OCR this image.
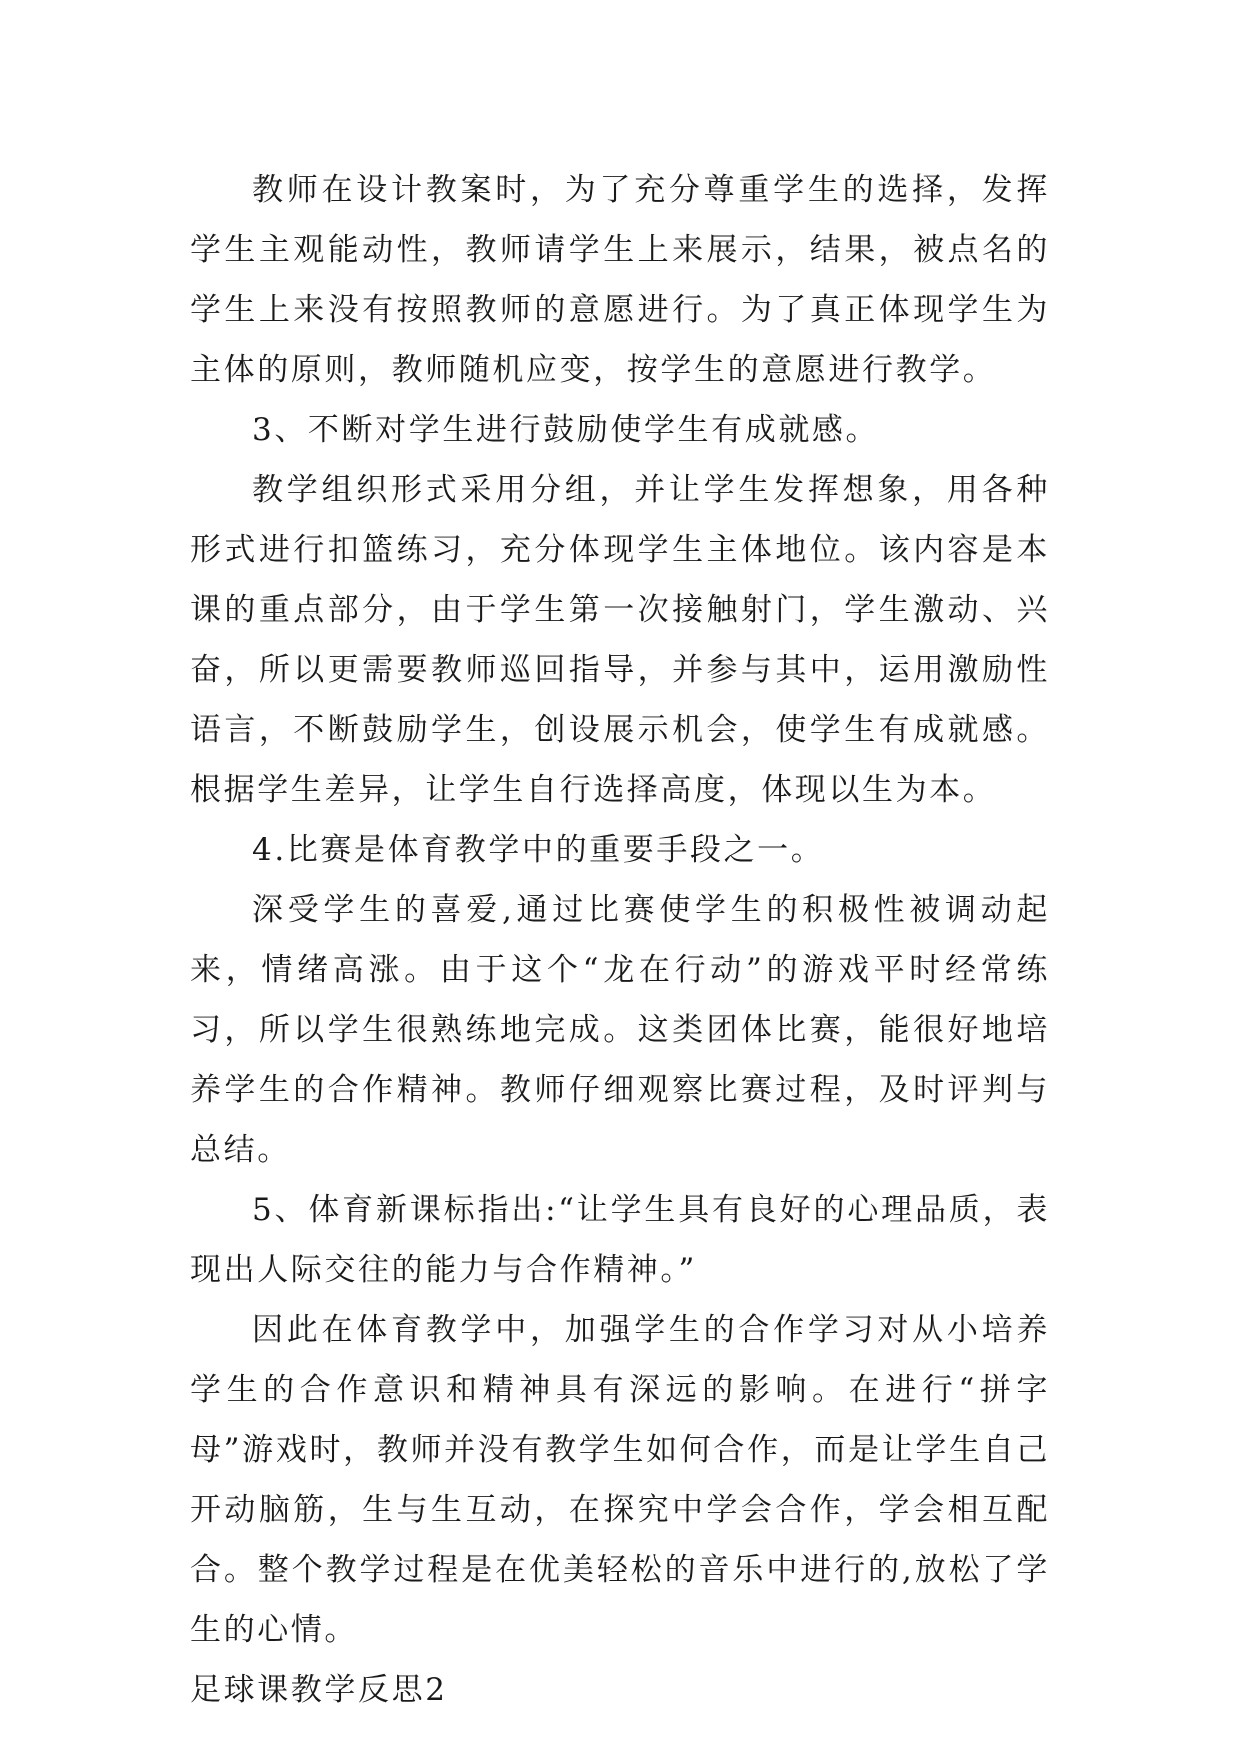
教师在设计教案时，为了充分尊重学生的选择，发挥学生主观能动性，教师请学生上来展示，结果，被点名的学生上来没有按照教师的意愿进行。为了真正体现学生为主体的原则，教师随机应变，按学生的意愿进行教学。

3、不断对学生进行鼓励使学生有成就感。

教学组织形式采用分组，并让学生发挥想象，用各种形式进行扣篮练习，充分体现学生主体地位。该内容是本课的重点部分，由于学生第一次接触射门，学生激动、兴奋，所以更需要教师巡回指导，并参与其中，运用激励性语言，不断鼓励学生，创设展示机会，使学生有成就感。根据学生差异，让学生自行选择高度，体现以生为本。

4.比赛是体育教学中的重要手段之一。

深受学生的喜爱,通过比赛使学生的积极性被调动起来，情绪高涨。由于这个“龙在行动”的游戏平时经常练习，所以学生很熟练地完成。这类团体比赛，能很好地培养学生的合作精神。教师仔细观察比赛过程，及时评判与总结。

5、体育新课标指出:“让学生具有良好的心理品质，表现出人际交往的能力与合作精神。”

因此在体育教学中，加强学生的合作学习对从小培养学生的合作意识和精神具有深远的影响。在进行“拼字母”游戏时，教师并没有教学生如何合作，而是让学生自己开动脑筋，生与生互动，在探究中学会合作，学会相互配合。整个教学过程是在优美轻松的音乐中进行的,放松了学生的心情。

足球课教学反思2
